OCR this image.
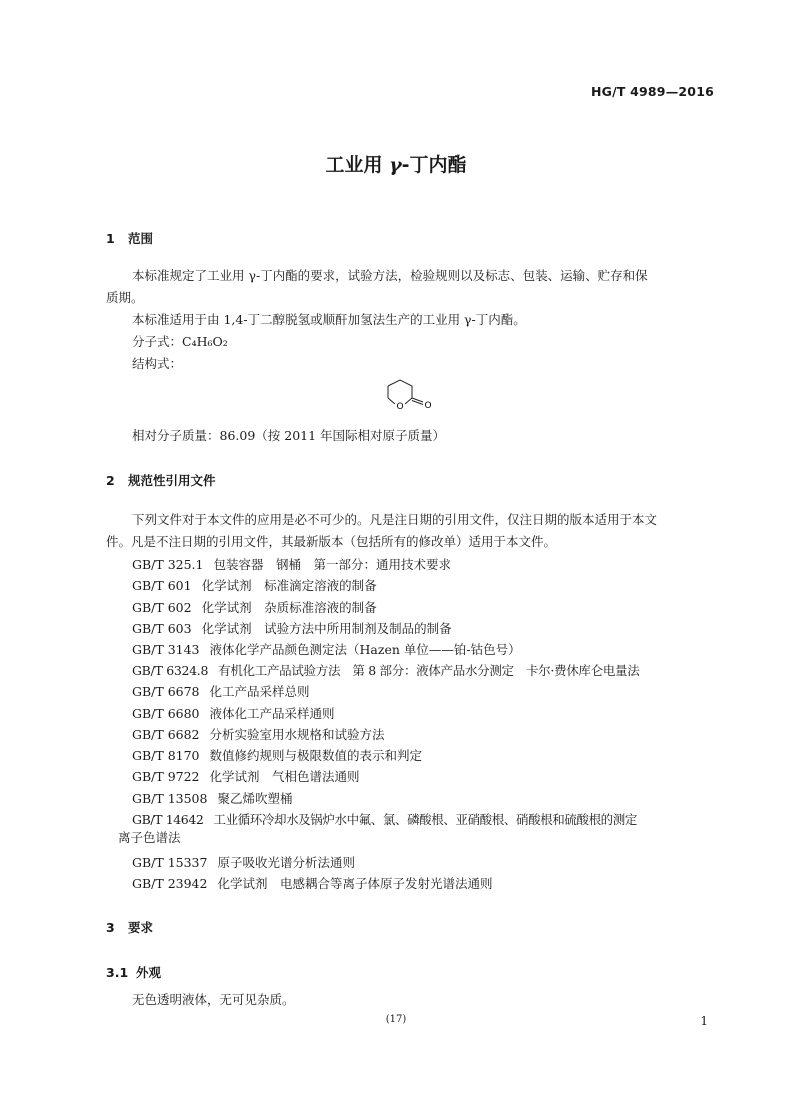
HG/T 4989—2016
工业用 γ-丁内酯
1 范围
本标准规定了工业用 γ-丁内酯的要求，试验方法，检验规则以及标志、包装、运输、贮存和保
质期。
本标准适用于由 1,4-丁二醇脱氢或顺酐加氢法生产的工业用 γ-丁内酯。
分子式：C₄H₆O₂
结构式：
O O
相对分子质量：86.09（按 2011 年国际相对原子质量）
2 规范性引用文件
下列文件对于本文件的应用是必不可少的。凡是注日期的引用文件，仅注日期的版本适用于本文
件。凡是不注日期的引用文件，其最新版本（包括所有的修改单）适用于本文件。
GB/T 325.1 包装容器　钢桶　第一部分：通用技术要求
GB/T 601 化学试剂　标准滴定溶液的制备
GB/T 602 化学试剂　杂质标准溶液的制备
GB/T 603 化学试剂　试验方法中所用制剂及制品的制备
GB/T 3143 液体化学产品颜色测定法（Hazen 单位——铂-钴色号）
GB/T 6324.8 有机化工产品试验方法　第 8 部分：液体产品水分测定　卡尔·费休库仑电量法
GB/T 6678 化工产品采样总则
GB/T 6680 液体化工产品采样通则
GB/T 6682 分析实验室用水规格和试验方法
GB/T 8170 数值修约规则与极限数值的表示和判定
GB/T 9722 化学试剂　气相色谱法通则
GB/T 13508 聚乙烯吹塑桶
GB/T 14642 工业循环冷却水及锅炉水中氟、氯、磷酸根、亚硝酸根、硝酸根和硫酸根的测定
离子色谱法
GB/T 15337 原子吸收光谱分析法通则
GB/T 23942 化学试剂　电感耦合等离子体原子发射光谱法通则
3 要求
3.1 外观
无色透明液体，无可见杂质。
(17)	1
